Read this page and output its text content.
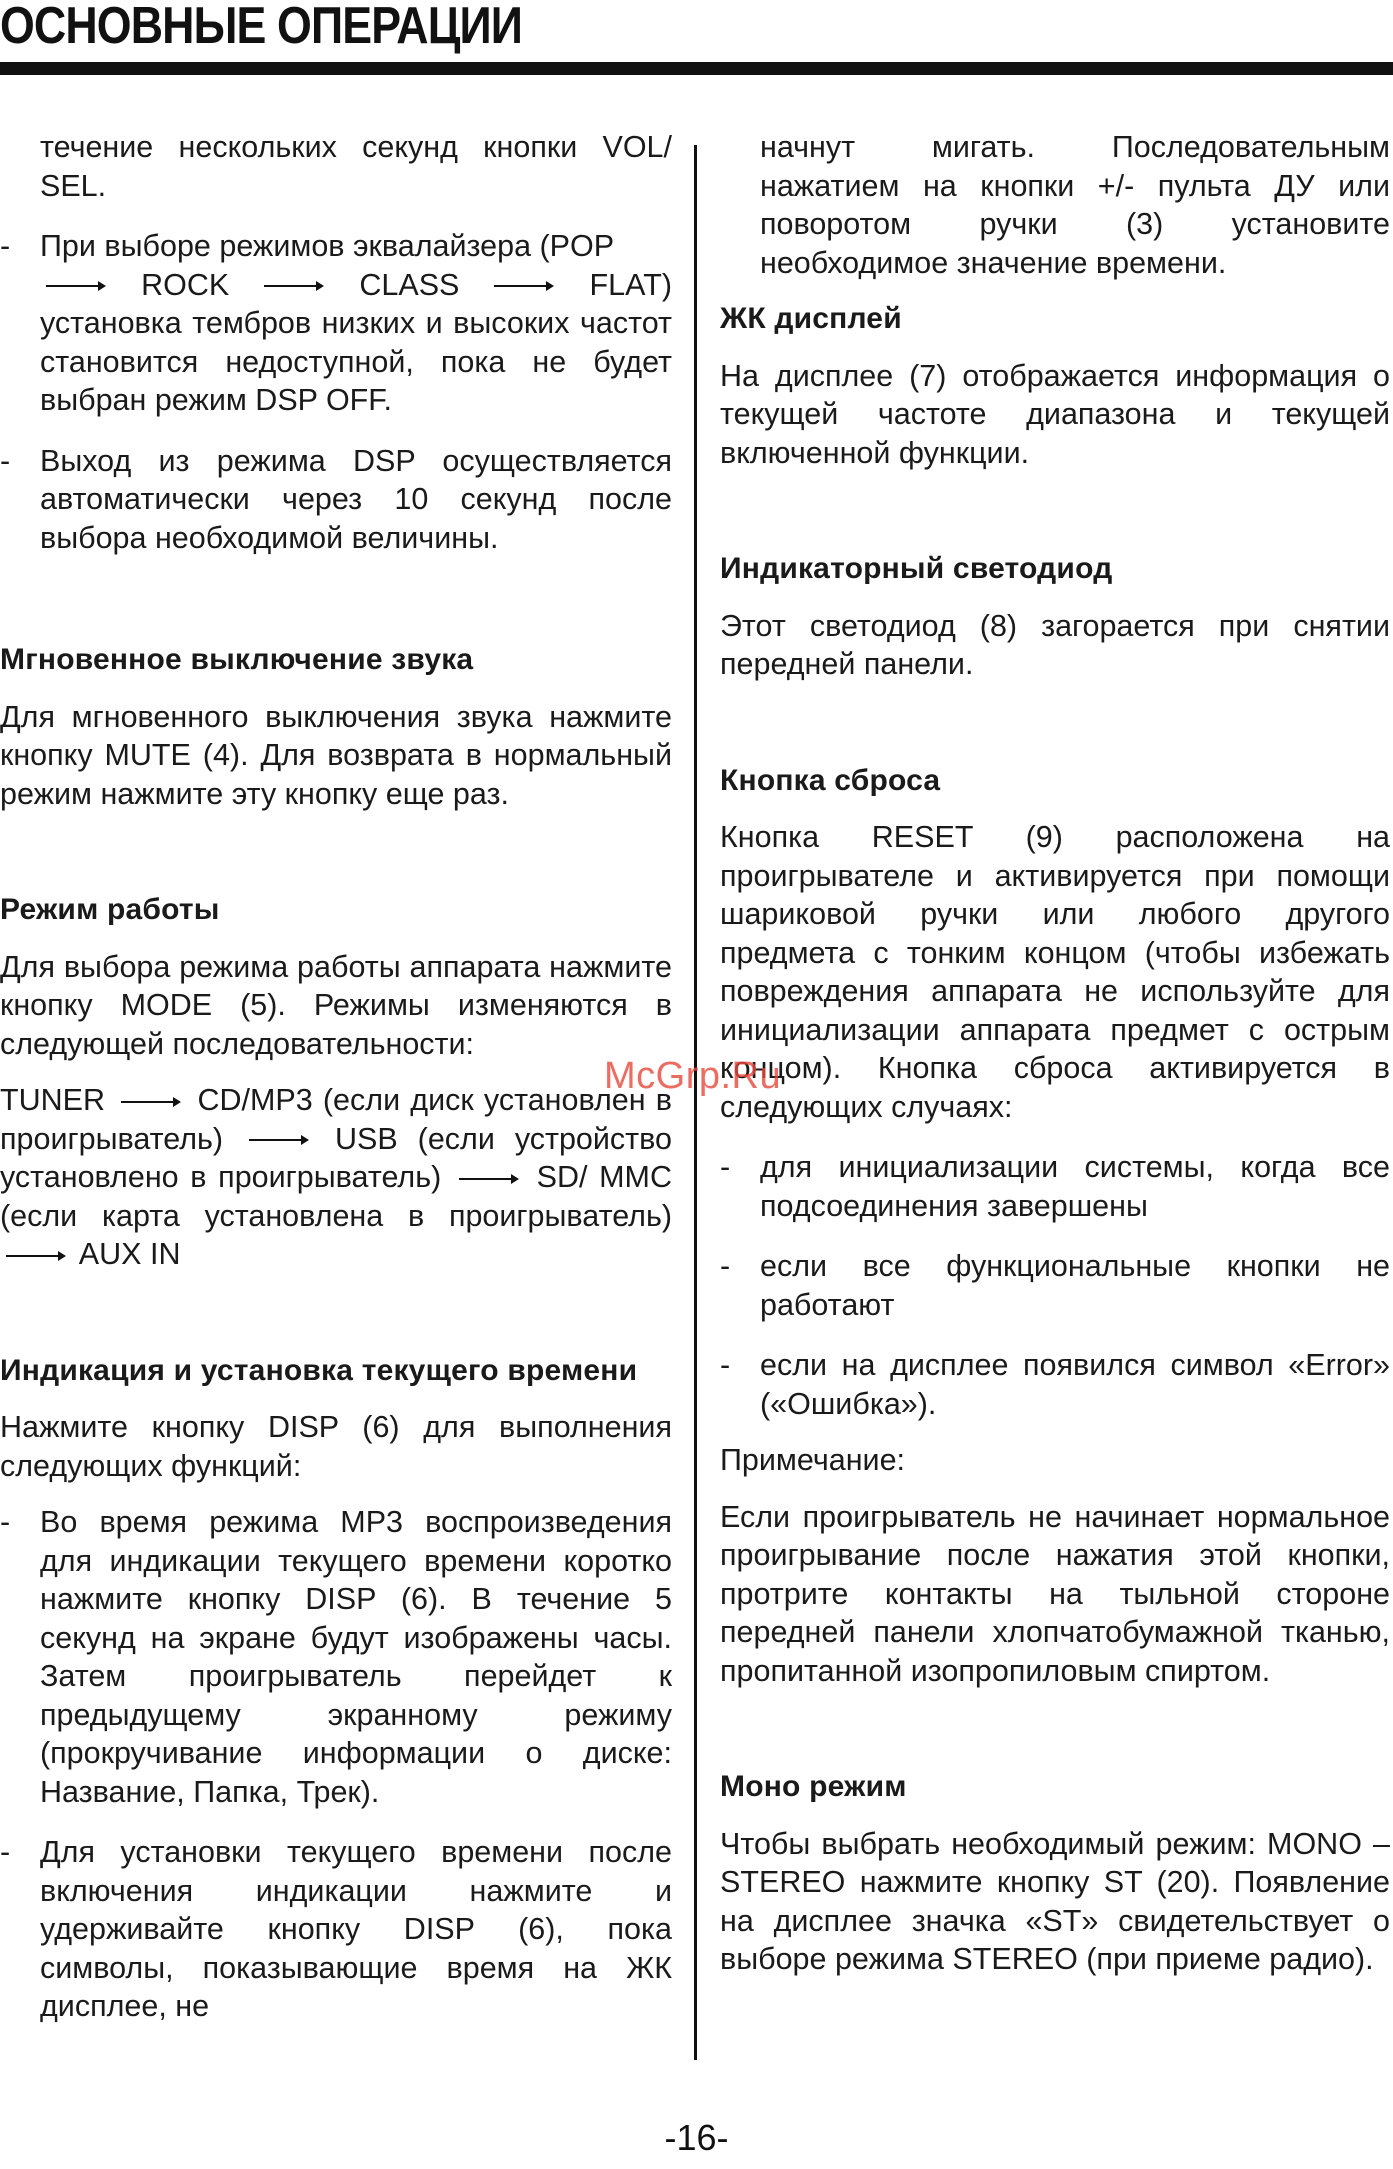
ОСНОВНЫЕ ОПЕРАЦИИ

течение нескольких секунд кнопки VOL/ SEL.

- При выборе режимов эквалайзера (POP

ROCK	CLASS	FLAT) установка тембров низких и высоких частот становится недоступной, пока не будет выбран режим DSP OFF.
- Выход из режима DSP осуществляется автоматически через 10 секунд после выбора необходимой величины.

Мгновенное выключение звука

Для мгновенного выключения звука нажмите кнопку MUTE (4). Для возврата в нормальный режим нажмите эту кнопку еще раз.

Режим работы

Для выбора режима работы аппарата нажмите кнопку MODE (5). Режимы изменяются в следующей последовательности:

TUNER	CD/MP3 (если диск установлен в проигрыватель)	USB (если устройство установлено в проигрыватель)	SD/ MMC (если карта установлена в проигрыватель)
AUX IN

Индикация и установка текущего времени

Нажмите кнопку DISP (6) для выполнения следующих функций:

- Во время режима MP3 воспроизведения для индикации текущего времени коротко нажмите кнопку DISP (6). В течение 5 секунд на экране будут изображены часы. Затем проигрыватель перейдет к предыдущему экранному режиму (прокручивание информации о диске: Название, Папка, Трек).
- Для установки текущего времени после включения индикации нажмите и удерживайте кнопку DISP (6), пока символы, показывающие время на ЖК дисплее, не

начнут мигать. Последовательным нажатием на кнопки +/- пульта ДУ или поворотом ручки (3) установите необходимое значение времени.

ЖК дисплей

На дисплее (7) отображается информация о текущей частоте диапазона и текущей включенной функции.

Индикаторный светодиод

Этот светодиод (8) загорается при снятии передней панели.

Кнопка сброса

Кнопка RESET (9) расположена на проигрывателе и активируется при помощи шариковой ручки или любого другого предмета с тонким концом (чтобы избежать повреждения аппарата не используйте для инициализации аппарата предмет с острым концом). Кнопка сброса активируется в следующих случаях:

- для инициализации системы, когда все подсоединения завершены
- если все функциональные кнопки не работают
- если на дисплее появился символ «Error» («Ошибка»).

Примечание:

Если проигрыватель не начинает нормальное проигрывание после нажатия этой кнопки, протрите контакты на тыльной стороне передней панели хлопчатобумажной тканью, пропитанной изопропиловым спиртом.

Моно режим

Чтобы выбрать необходимый режим: MONO – STEREO нажмите кнопку ST (20). Появление на дисплее значка «ST» свидетельствует о выборе режима STEREO (при приеме радио).

McGrp.Ru
-16-
